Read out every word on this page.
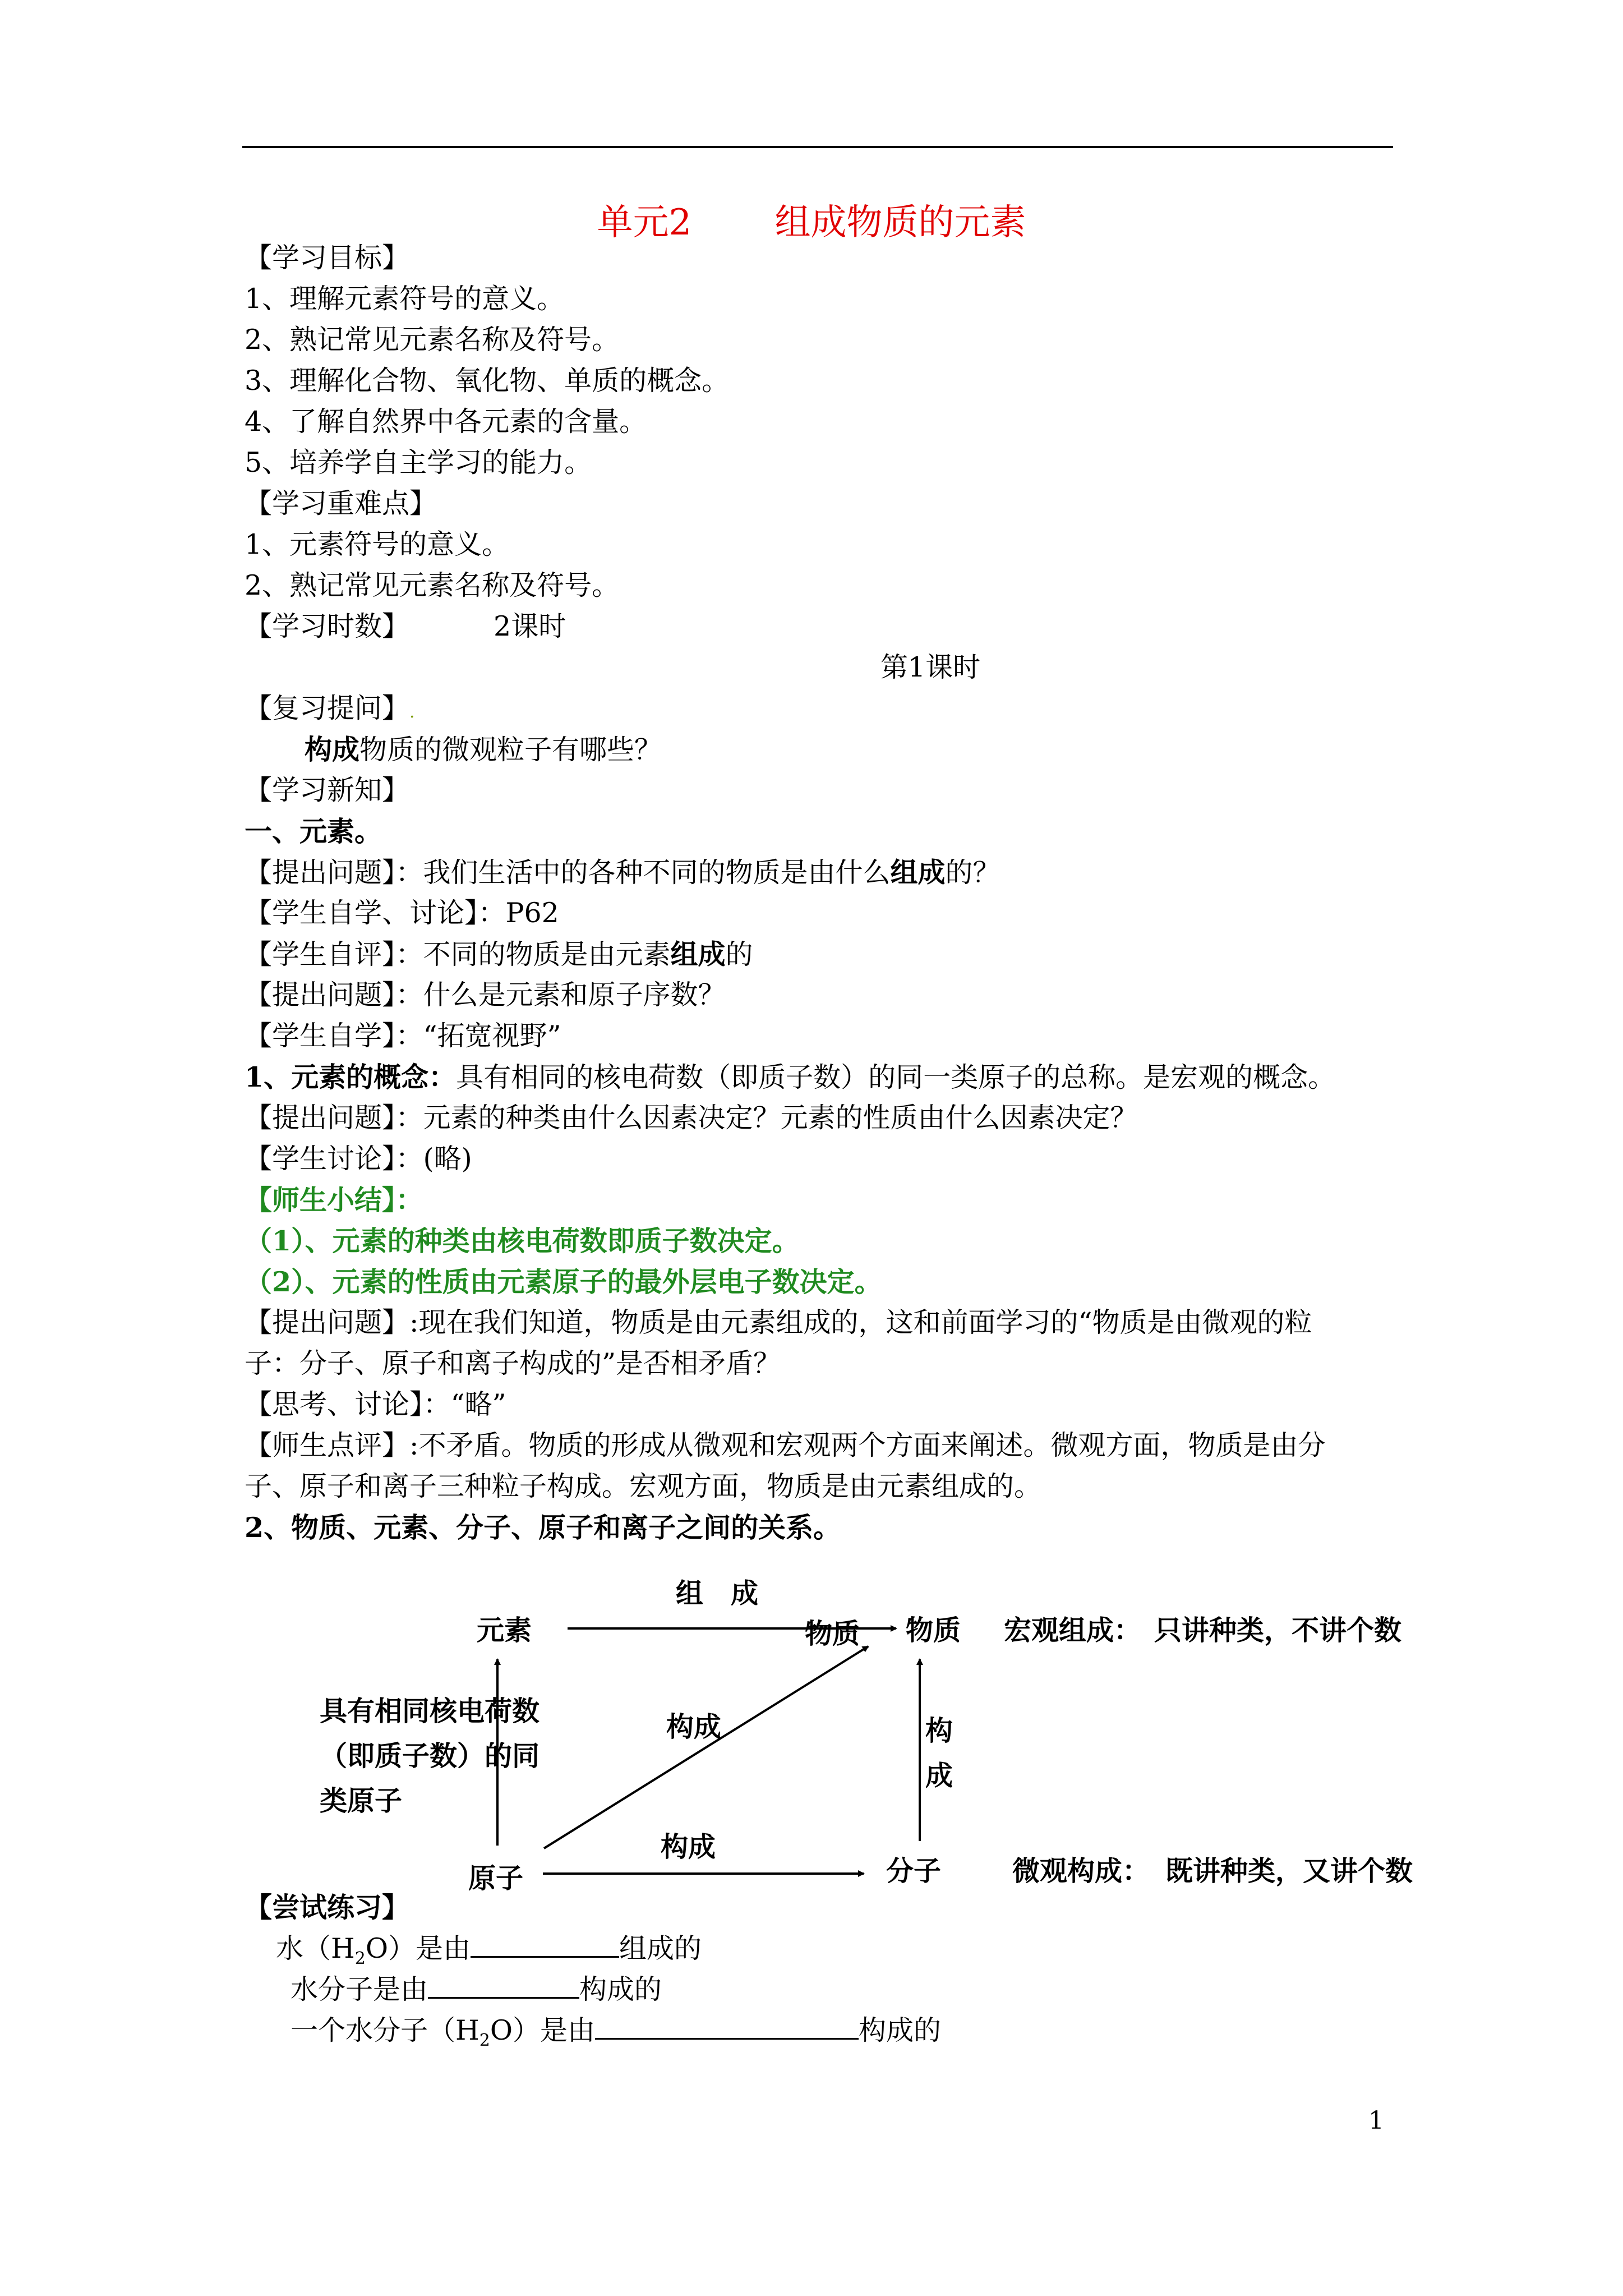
单元2　　 组成物质的元素
【学习目标】
1、理解元素符号的意义。
2、熟记常见元素名称及符号。
3、理解化合物、氧化物、单质的概念。
4、了解自然界中各元素的含量。
5、培养学自主学习的能力。
【学习重难点】
1、元素符号的意义。
2、熟记常见元素名称及符号。
【学习时数】	2课时
第1课时
【复习提问】.
构成物质的微观粒子有哪些？
【学习新知】
一、元素。
【提出问题】：我们生活中的各种不同的物质是由什么组成的？
【学生自学、讨论】：P62
【学生自评】：不同的物质是由元素组成的
【提出问题】：什么是元素和原子序数？
【学生自学】：“拓宽视野”
1、元素的概念：具有相同的核电荷数（即质子数）的同一类原子的总称。是宏观的概念。
【提出问题】：元素的种类由什么因素决定？元素的性质由什么因素决定？
【学生讨论】：(略)
【师生小结】：
（1）、元素的种类由核电荷数即质子数决定。
（2）、元素的性质由元素原子的最外层电子数决定。
【提出问题】:现在我们知道，物质是由元素组成的，这和前面学习的“物质是由微观的粒
子：分子、原子和离子构成的”是否相矛盾？
【思考、讨论】：“略”
【师生点评】:不矛盾。物质的形成从微观和宏观两个方面来阐述。微观方面，物质是由分
子、原子和离子三种粒子构成。宏观方面，物质是由元素组成的。
2、物质、元素、分子、原子和离子之间的关系。
元素
组　成
物质 物质 宏观组成： 只讲种类，不讲个数
具有相同核电荷数
（即质子数）的同
类原子
构成	构
成
构成
原子	分子	微观构成： 既讲种类，又讲个数
【尝试练习】
水$(H_2O)$是由	组成的
水分子是由	构成的
一个水分子$(H_2O)$是由	构成的
1
